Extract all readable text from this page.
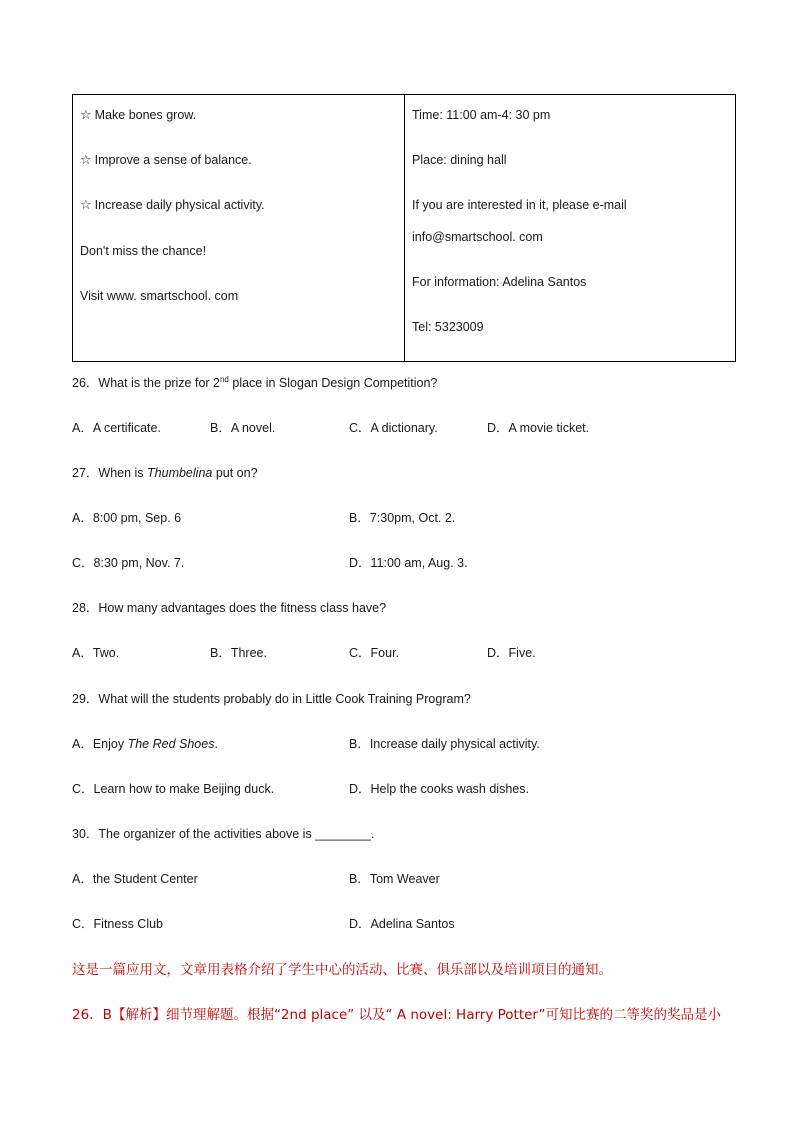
☆ Make bones grow.
☆ Improve a sense of balance.
☆ Increase daily physical activity.
Don't miss the chance!
Visit www. smartschool. com
Time: 11:00 am-4: 30 pm
Place: dining hall
If you are interested in it, please e-mail
info@smartschool. com
For information: Adelina Santos
Tel: 5323009
26．What is the prize for 2nd place in Slogan Design Competition?
A．A certificate.	B．A novel.	C．A dictionary.	D．A movie ticket.
27．When is Thumbelina put on?
A．8:00 pm, Sep. 6	B．7:30pm, Oct. 2.
C．8:30 pm, Nov. 7.	D．11:00 am, Aug. 3.
28．How many advantages does the fitness class have?
A．Two.	B．Three.	C．Four.	D．Five.
29．What will the students probably do in Little Cook Training Program?
A．Enjoy The Red Shoes.	B．Increase daily physical activity.
C．Learn how to make Beijing duck.	D．Help the cooks wash dishes.
30．The organizer of the activities above is ________.
A．the Student Center	B．Tom Weaver
C．Fitness Club	D．Adelina Santos
这是一篇应用文，文章用表格介绍了学生中心的活动、比赛、俱乐部以及培训项目的通知。
26．B【解析】细节理解题。根据“2nd place” 以及“ A novel: Harry Potter”可知比赛的二等奖的奖品是小
